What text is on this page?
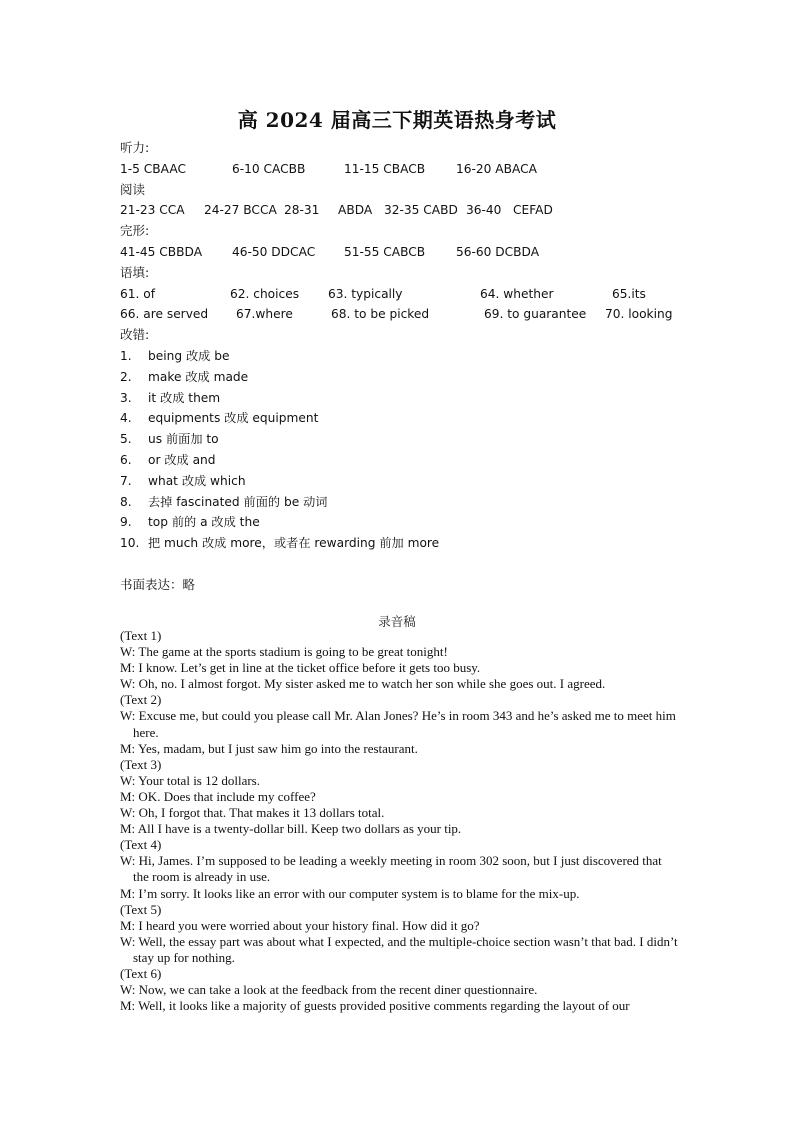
高 2024 届高三下期英语热身考试
听力:
1-5 CBAAC	6-10 CACBB	11-15 CBACB	16-20 ABACA
阅读
21-23 CCA 24-27 BCCA 28-31 ABDA 32-35 CABD 36-40 CEFAD
完形:
41-45 CBBDA 46-50 DDCAC 51-55 CABCB	56-60 DCBDA
语填:
61. of	62. choices 63. typically	64. whether	65.its
66. are served 67.where	68. to be picked	69. to guarantee 70. looking
改错:
1. being 改成 be
2. make 改成 made
3. it 改成 them
4. equipments 改成 equipment
5. us 前面加 to
6. or 改成 and
7. what 改成 which
8. 去掉 fascinated 前面的 be 动词
9. top 前的 a 改成 the
10. 把 much 改成 more，或者在 rewarding 前加 more
书面表达：略
录音稿
(Text 1)
W: The game at the sports stadium is going to be great tonight!
M: I know. Let’s get in line at the ticket office before it gets too busy.
W: Oh, no. I almost forgot. My sister asked me to watch her son while she goes out. I agreed.
(Text 2)
W: Excuse me, but could you please call Mr. Alan Jones? He’s in room 343 and he’s asked me to meet him here.
M: Yes, madam, but I just saw him go into the restaurant.
(Text 3)
W: Your total is 12 dollars.
M: OK. Does that include my coffee?
W: Oh, I forgot that. That makes it 13 dollars total.
M: All I have is a twenty-dollar bill. Keep two dollars as your tip.
(Text 4)
W: Hi, James. I’m supposed to be leading a weekly meeting in room 302 soon, but I just discovered that the room is already in use.
M: I’m sorry. It looks like an error with our computer system is to blame for the mix-up.
(Text 5)
M: I heard you were worried about your history final. How did it go?
W: Well, the essay part was about what I expected, and the multiple-choice section wasn’t that bad. I didn’t stay up for nothing.
(Text 6)
W: Now, we can take a look at the feedback from the recent diner questionnaire.
M: Well, it looks like a majority of guests provided positive comments regarding the layout of our
